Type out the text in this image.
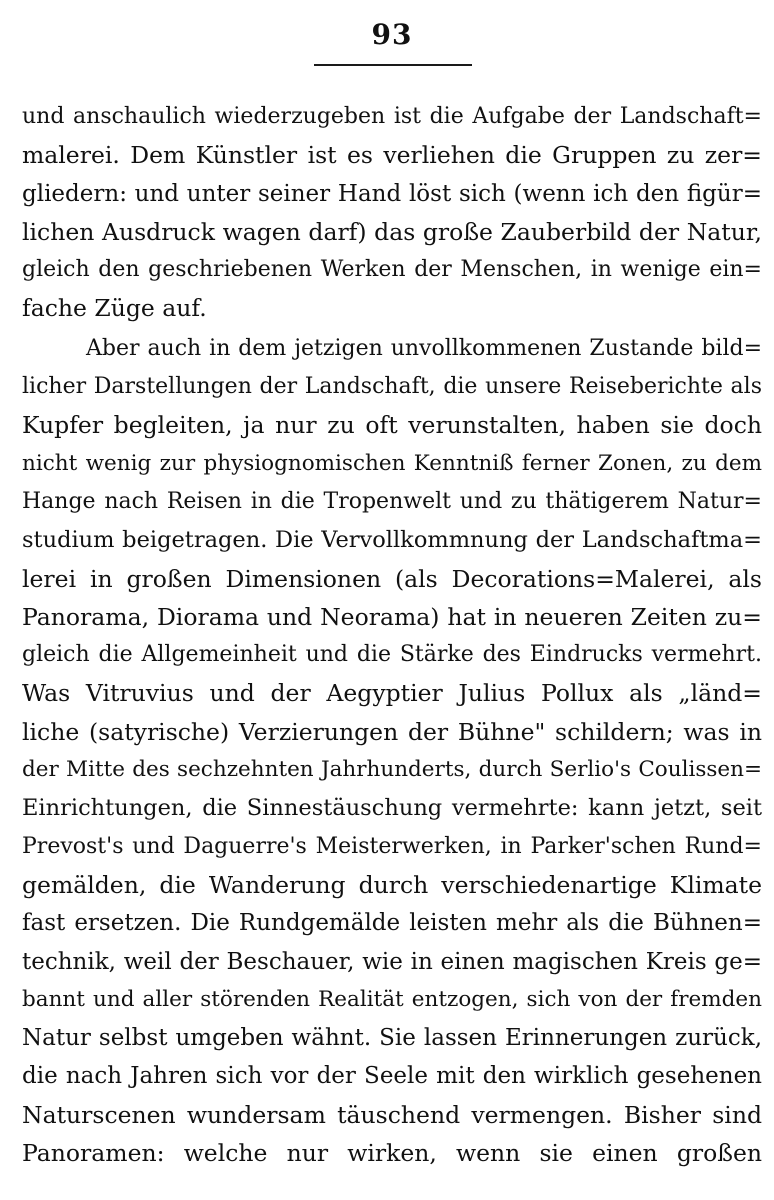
93
und anschaulich wiederzugeben ist die Aufgabe der Landschaft=
malerei. Dem Künstler ist es verliehen die Gruppen zu zer=
gliedern: und unter seiner Hand löst sich (wenn ich den figür=
lichen Ausdruck wagen darf) das große Zauberbild der Natur,
gleich den geschriebenen Werken der Menschen, in wenige ein=
fache Züge auf.
Aber auch in dem jetzigen unvollkommenen Zustande bild=
licher Darstellungen der Landschaft, die unsere Reiseberichte als
Kupfer begleiten, ja nur zu oft verunstalten, haben sie doch
nicht wenig zur physiognomischen Kenntniß ferner Zonen, zu dem
Hange nach Reisen in die Tropenwelt und zu thätigerem Natur=
studium beigetragen. Die Vervollkommnung der Landschaftma=
lerei in großen Dimensionen (als Decorations=Malerei, als
Panorama, Diorama und Neorama) hat in neueren Zeiten zu=
gleich die Allgemeinheit und die Stärke des Eindrucks vermehrt.
Was Vitruvius und der Aegyptier Julius Pollux als „länd=
liche (satyrische) Verzierungen der Bühne" schildern; was in
der Mitte des sechzehnten Jahrhunderts, durch Serlio's Coulissen=
Einrichtungen, die Sinnestäuschung vermehrte: kann jetzt, seit
Prevost's und Daguerre's Meisterwerken, in Parker'schen Rund=
gemälden, die Wanderung durch verschiedenartige Klimate
fast ersetzen. Die Rundgemälde leisten mehr als die Bühnen=
technik, weil der Beschauer, wie in einen magischen Kreis ge=
bannt und aller störenden Realität entzogen, sich von der fremden
Natur selbst umgeben wähnt. Sie lassen Erinnerungen zurück,
die nach Jahren sich vor der Seele mit den wirklich gesehenen
Naturscenen wundersam täuschend vermengen. Bisher sind
Panoramen: welche nur wirken, wenn sie einen großen
